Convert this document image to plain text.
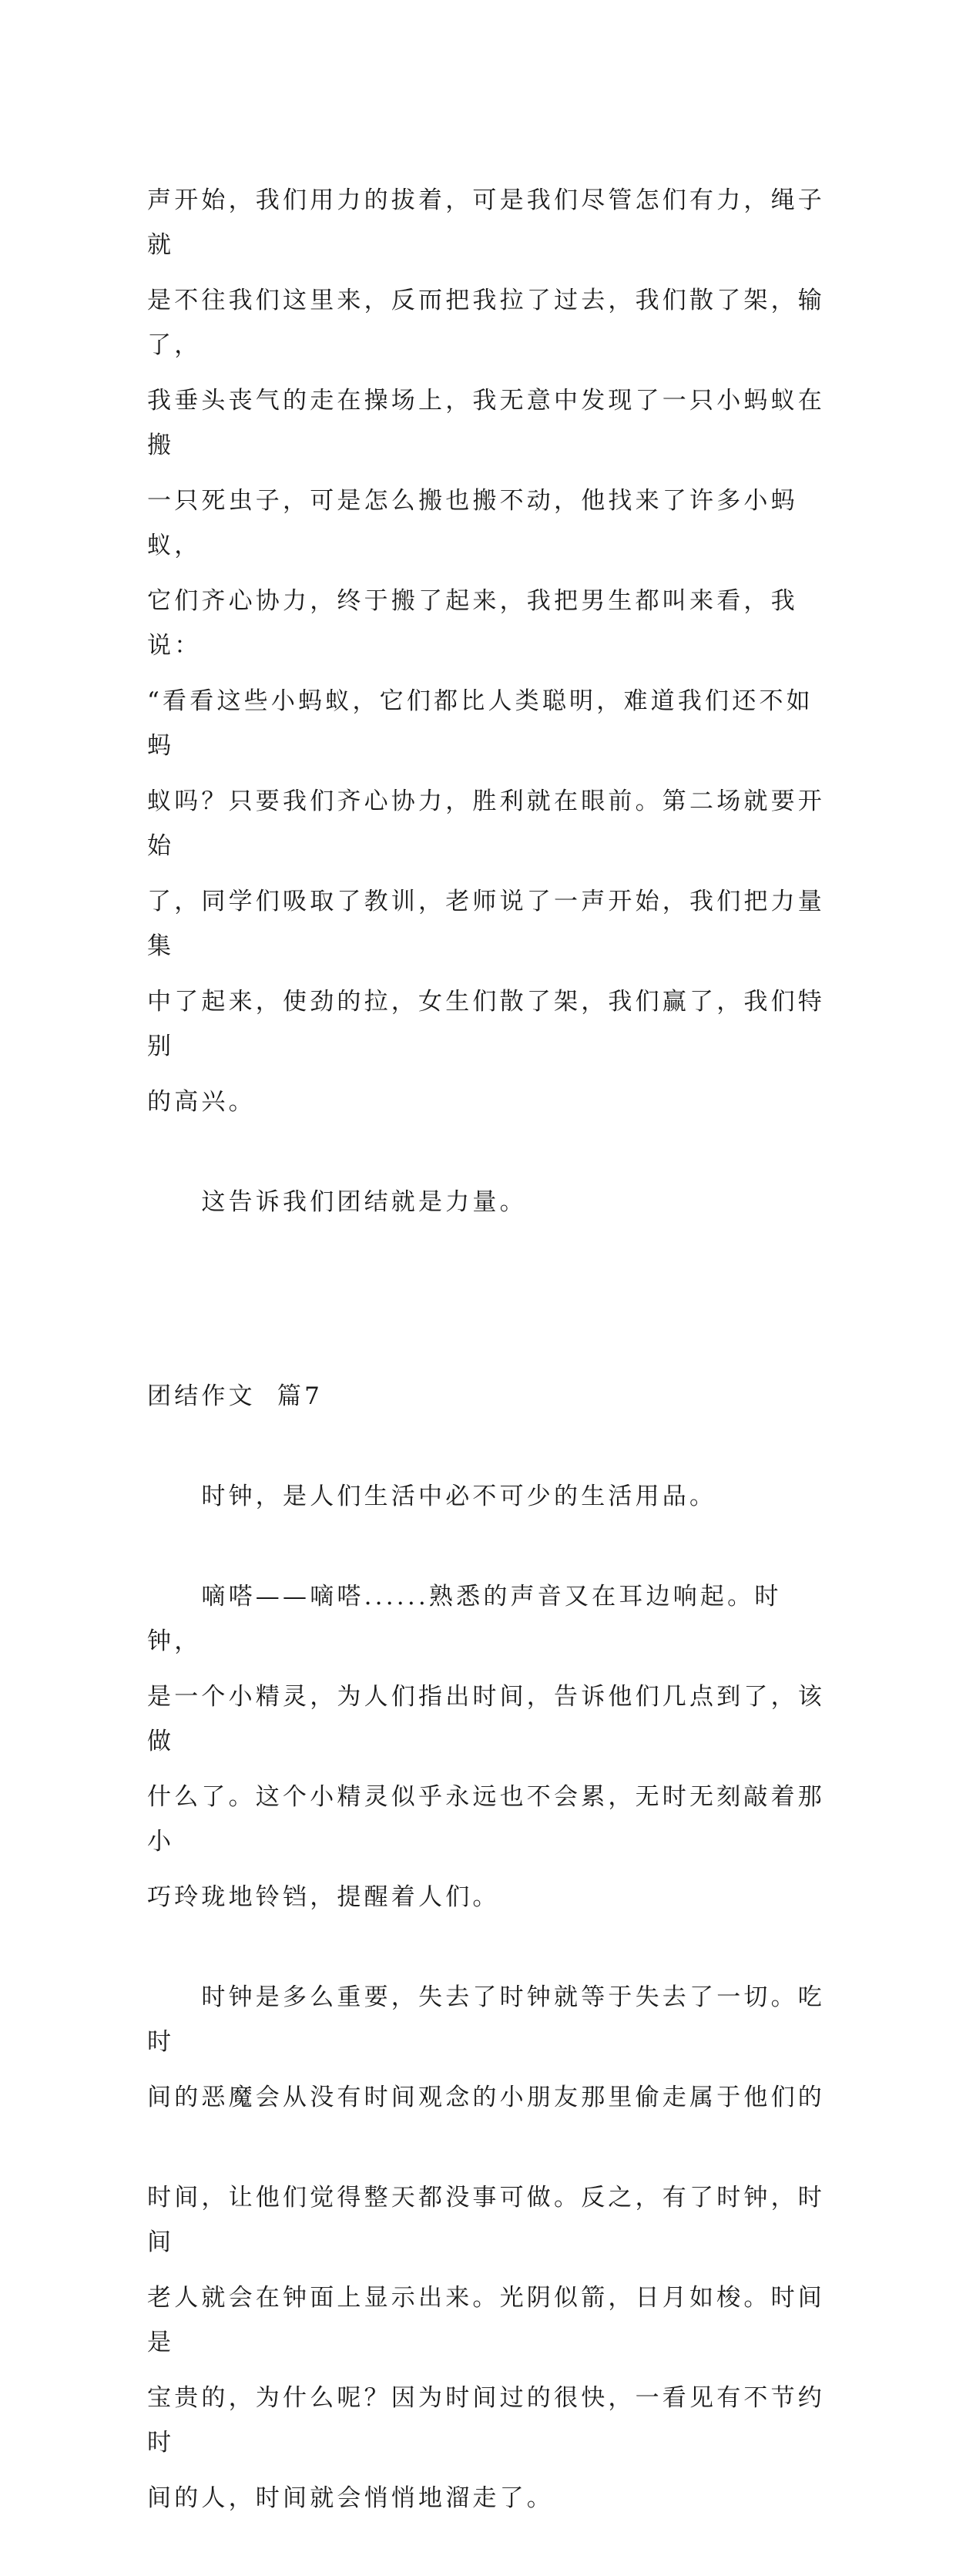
声开始，我们用力的拔着，可是我们尽管怎们有力，绳子就

是不往我们这里来，反而把我拉了过去，我们散了架，输了，

我垂头丧气的走在操场上，我无意中发现了一只小蚂蚁在搬

一只死虫子，可是怎么搬也搬不动，他找来了许多小蚂蚁，

它们齐心协力，终于搬了起来，我把男生都叫来看，我说：

“看看这些小蚂蚁，它们都比人类聪明，难道我们还不如蚂

蚁吗？只要我们齐心协力，胜利就在眼前。第二场就要开始

了，同学们吸取了教训，老师说了一声开始，我们把力量集

中了起来，使劲的拉，女生们散了架，我们赢了，我们特别

的高兴。

　　这告诉我们团结就是力量。

团结作文  篇7

　　时钟，是人们生活中必不可少的生活用品。

　　嘀嗒——嘀嗒......熟悉的声音又在耳边响起。时钟，

是一个小精灵，为人们指出时间，告诉他们几点到了，该做

什么了。这个小精灵似乎永远也不会累，无时无刻敲着那小

巧玲珑地铃铛，提醒着人们。

　　时钟是多么重要，失去了时钟就等于失去了一切。吃时

间的恶魔会从没有时间观念的小朋友那里偷走属于他们的

时间，让他们觉得整天都没事可做。反之，有了时钟，时间

老人就会在钟面上显示出来。光阴似箭，日月如梭。时间是

宝贵的，为什么呢？因为时间过的很快，一看见有不节约时

间的人，时间就会悄悄地溜走了。
